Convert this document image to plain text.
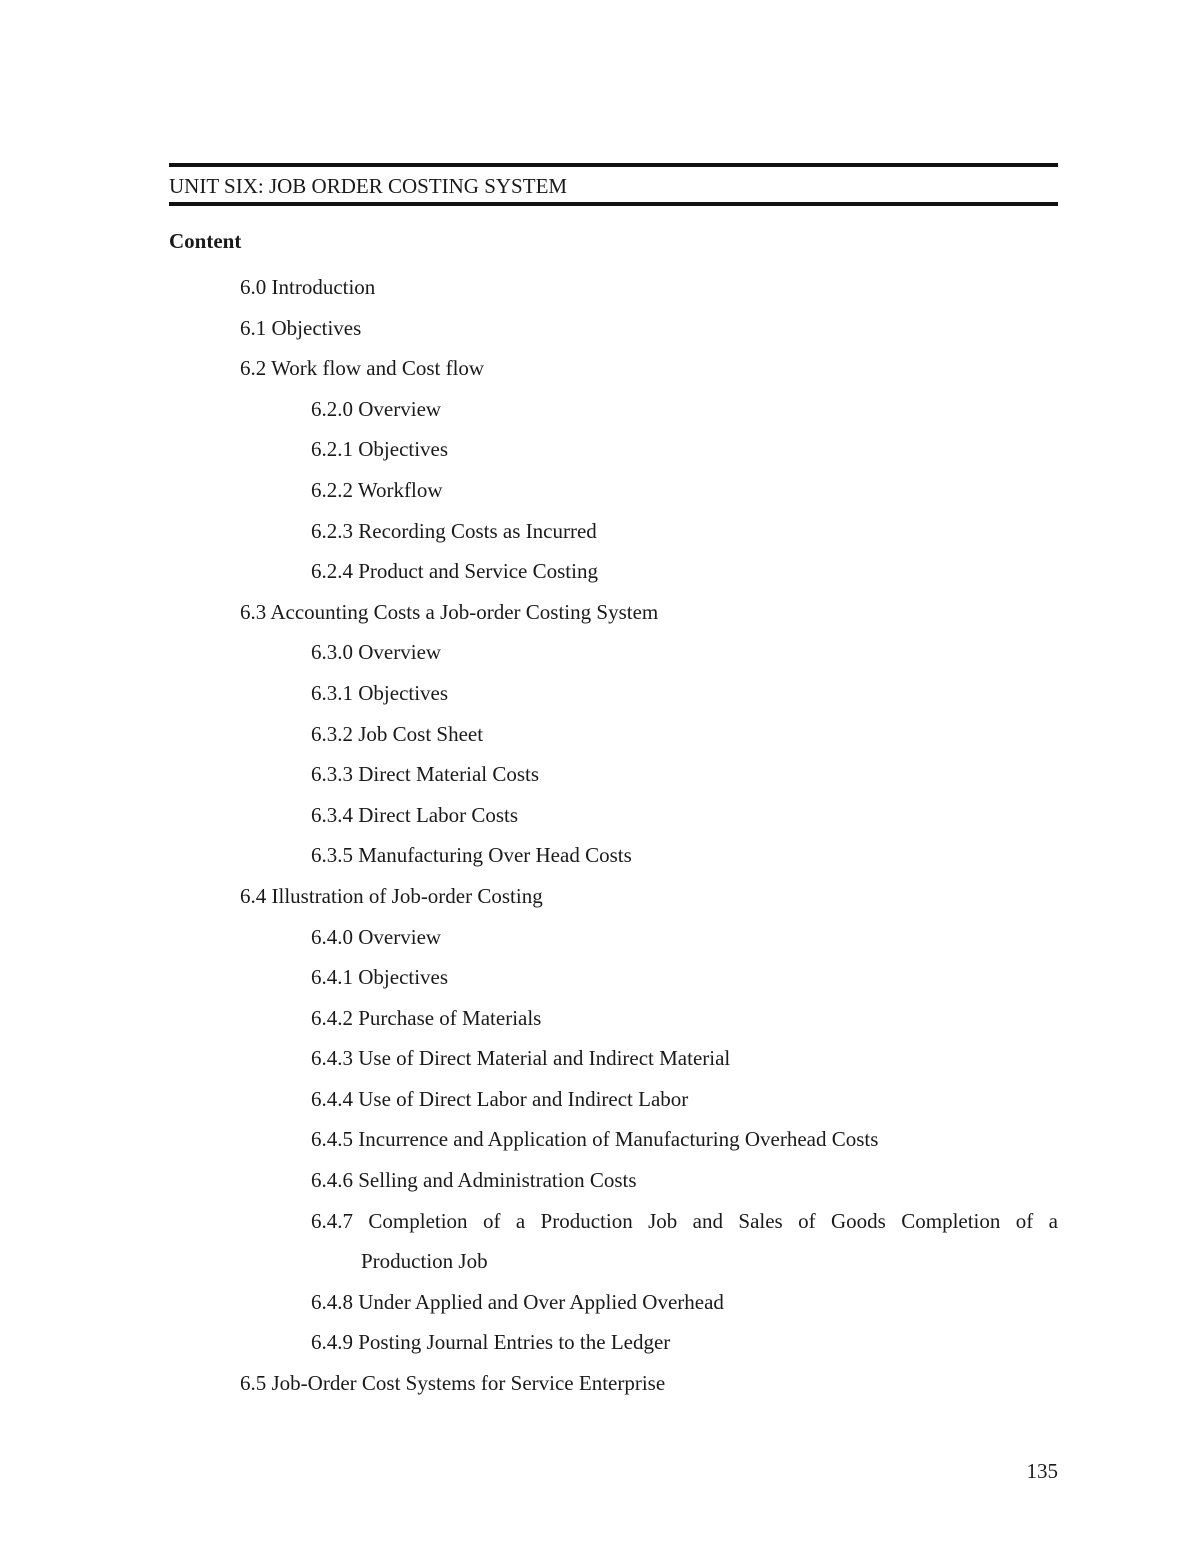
UNIT SIX: JOB ORDER COSTING SYSTEM
Content
6.0 Introduction
6.1 Objectives
6.2 Work flow and Cost flow
6.2.0 Overview
6.2.1 Objectives
6.2.2 Workflow
6.2.3 Recording Costs as Incurred
6.2.4 Product and Service Costing
6.3 Accounting Costs a Job-order Costing System
6.3.0 Overview
6.3.1 Objectives
6.3.2 Job Cost Sheet
6.3.3 Direct Material Costs
6.3.4 Direct Labor Costs
6.3.5 Manufacturing Over Head Costs
6.4 Illustration of Job-order Costing
6.4.0 Overview
6.4.1 Objectives
6.4.2 Purchase of Materials
6.4.3 Use of Direct Material and Indirect Material
6.4.4 Use of Direct Labor and Indirect Labor
6.4.5 Incurrence and Application of Manufacturing Overhead Costs
6.4.6 Selling and Administration Costs
6.4.7 Completion of a Production Job and Sales of Goods Completion of a
Production Job
6.4.8 Under Applied and Over Applied Overhead
6.4.9 Posting Journal Entries to the Ledger
6.5 Job-Order Cost Systems for Service Enterprise
135
